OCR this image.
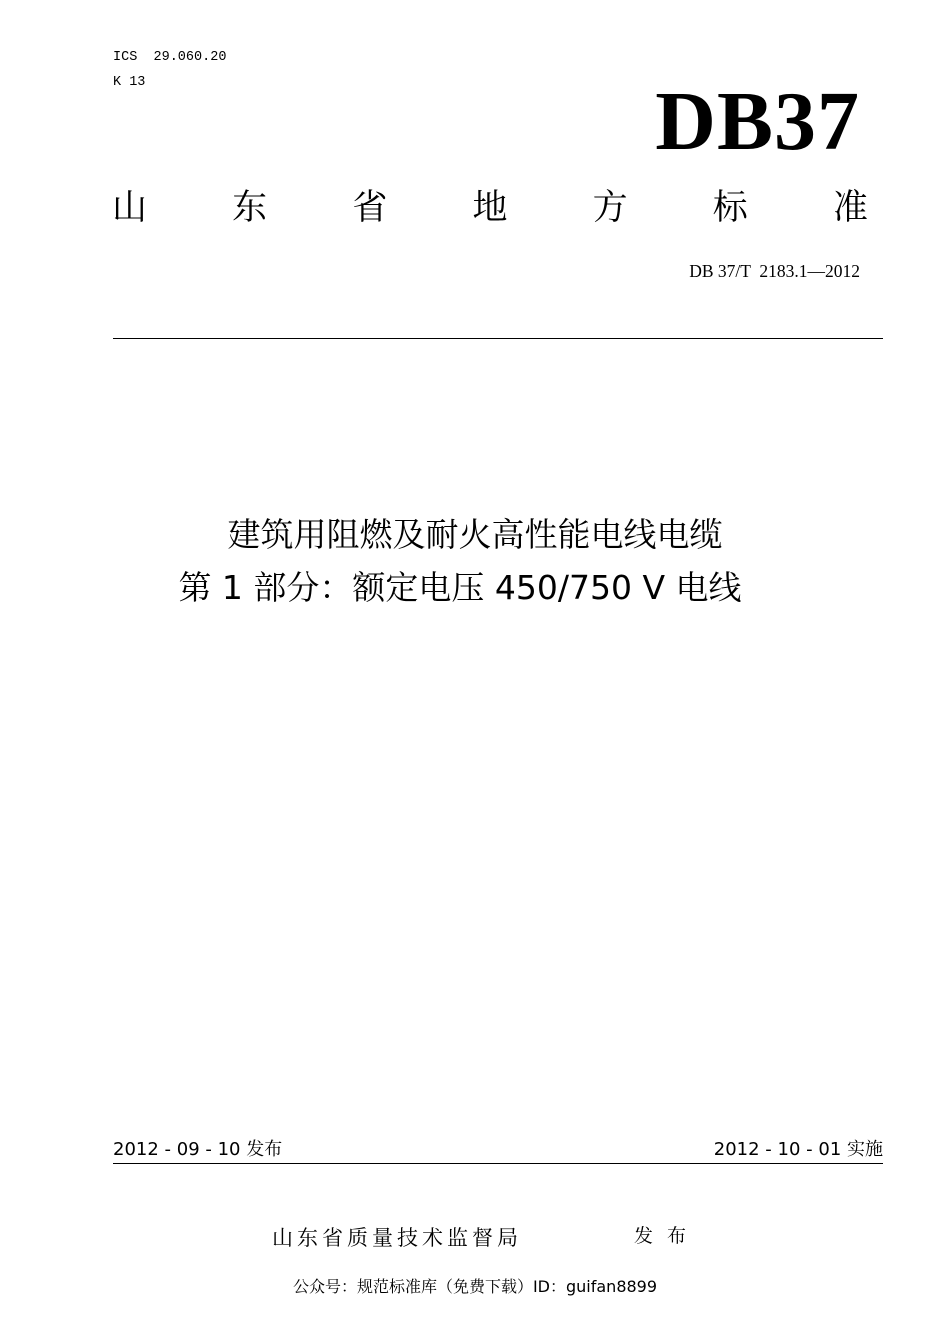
ICS  29.060.20
K 13	DB37
山 东 省 地 方 标 准
DB 37/T  2183.1—2012
建筑用阻燃及耐火高性能电线电缆
第 1 部分：额定电压 450/750 V 电线
2012 - 09 - 10 发布	2012 - 10 - 01 实施
山东省质量技术监督局	发布
公众号：规范标准库（免费下载）ID：guifan8899
